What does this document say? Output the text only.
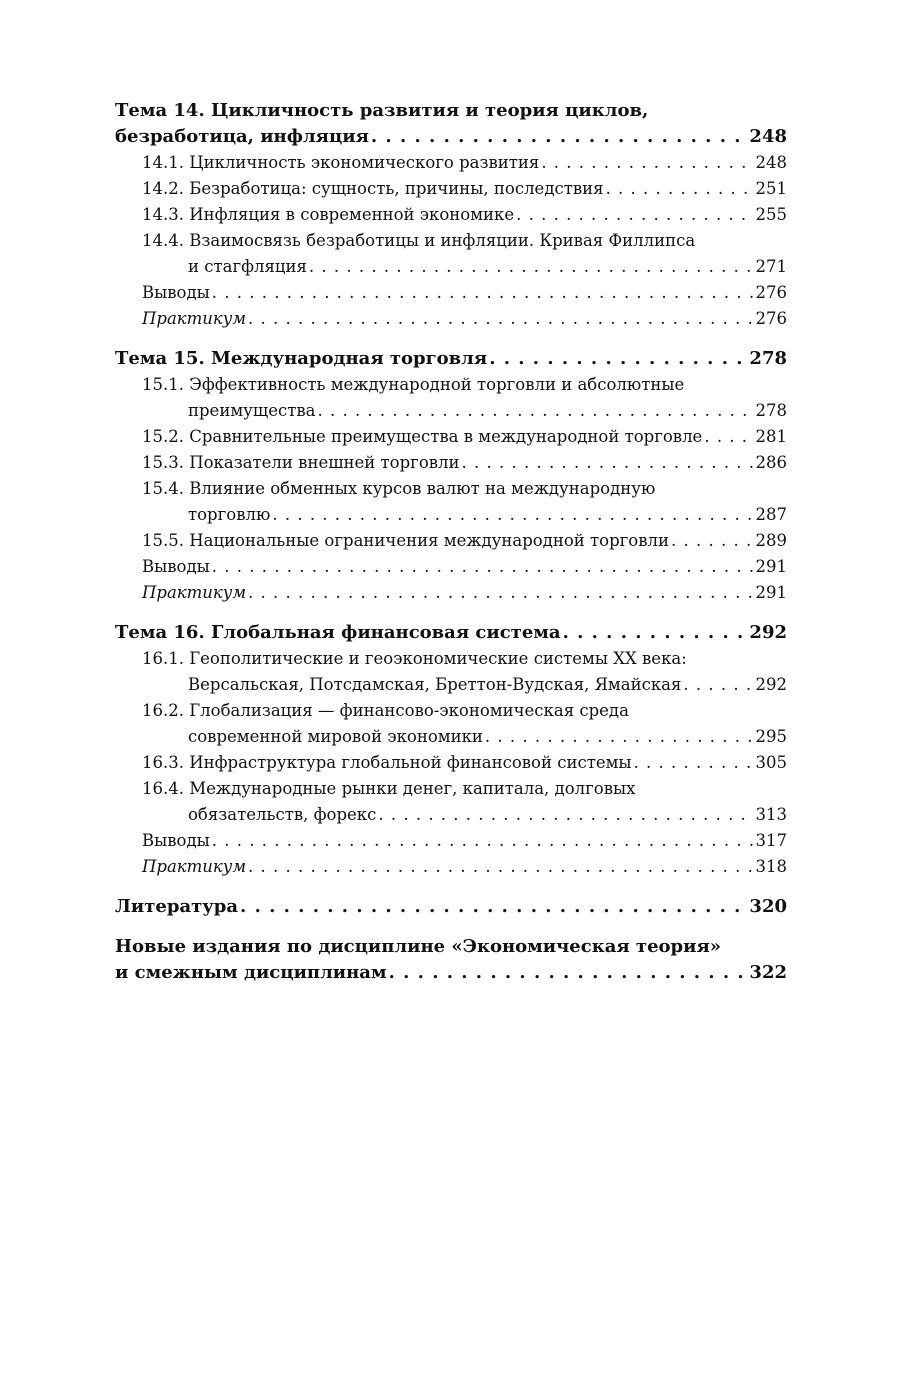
Тема 14. Цикличность развития и теория циклов,
безработица, инфляция . . .	248
14.1. Цикличность экономического развития . . .	248
14.2. Безработица: сущность, причины, последствия . . .	251
14.3. Инфляция в современной экономике . . .	255
14.4. Взаимосвязь безработицы и инфляции. Кривая Филлипса
и стагфляция . . .	271
Выводы . . .	276
Практикум . . .	276
Тема 15. Международная торговля . . .	278
15.1. Эффективность международной торговли и абсолютные
преимущества . . .	278
15.2. Сравнительные преимущества в международной торговле . . .	281
15.3. Показатели внешней торговли . . .	286
15.4. Влияние обменных курсов валют на международную
торговлю . . .	287
15.5. Национальные ограничения международной торговли . . .	289
Выводы . . .	291
Практикум . . .	291
Тема 16. Глобальная финансовая система . . .	292
16.1. Геополитические и геоэкономические системы XX века:
Версальская, Потсдамская, Бреттон-Вудская, Ямайская . . .	292
16.2. Глобализация — финансово-экономическая среда
современной мировой экономики . . .	295
16.3. Инфраструктура глобальной финансовой системы . . .	305
16.4. Международные рынки денег, капитала, долговых
обязательств, форекс . . .	313
Выводы . . .	317
Практикум . . .	318
Литература . . .	320
Новые издания по дисциплине «Экономическая теория»
и смежным дисциплинам . . .	322
